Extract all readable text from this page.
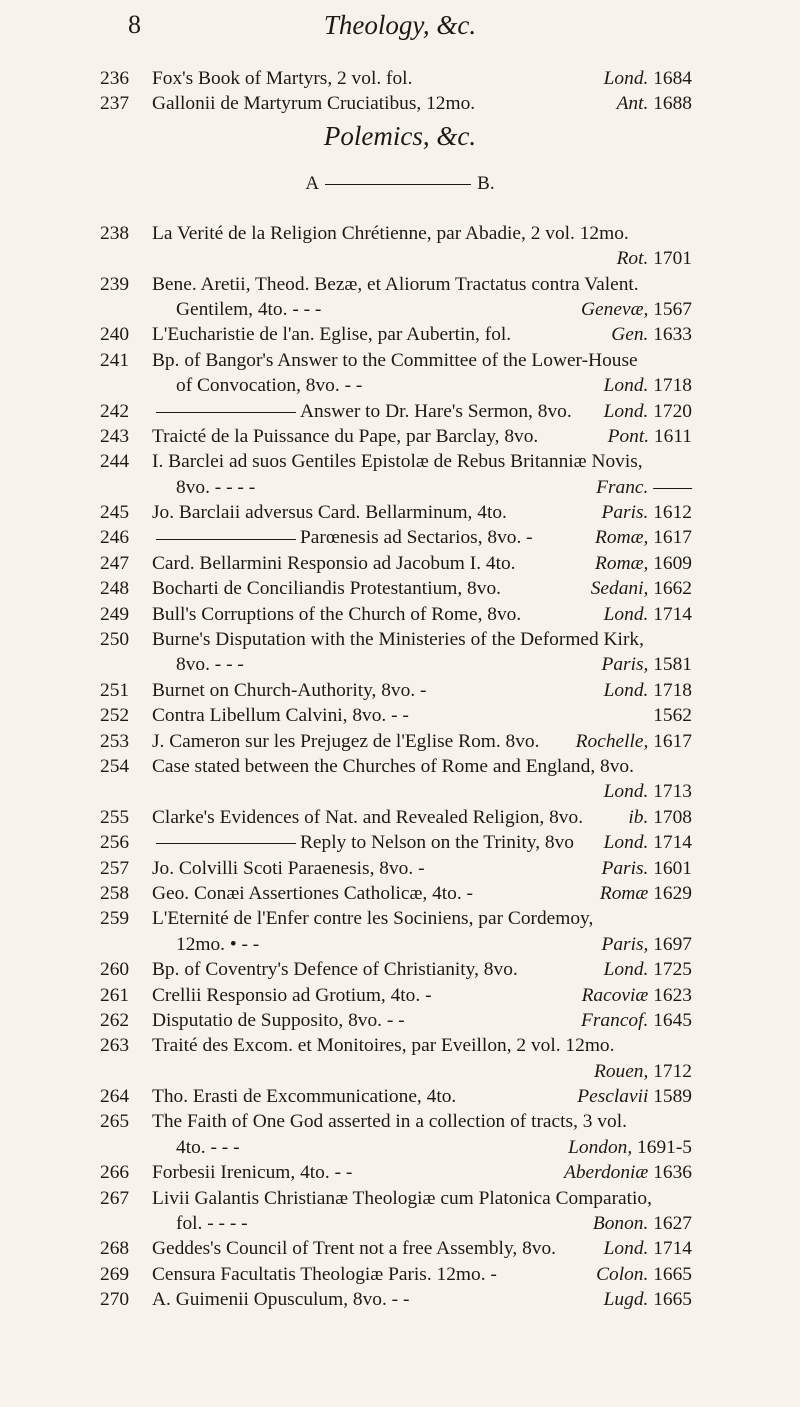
8	Theology, &c.
236	Fox's Book of Martyrs, 2 vol. fol.	Lond. 1684
237	Gallonii de Martyrum Cruciatibus, 12mo.	Ant. 1688
Polemics, &c.
A	B.
238	La Verité de la Religion Chrétienne, par Abadie, 2 vol. 12mo.
Rot. 1701
239	Bene. Aretii, Theod. Bezæ, et Aliorum Tractatus contra Valent.
Gentilem, 4to. - - -	Genevæ, 1567
240	L'Eucharistie de l'an. Eglise, par Aubertin, fol.	Gen. 1633
241	Bp. of Bangor's Answer to the Committee of the Lower-House
of Convocation, 8vo. - -	Lond. 1718
242	Answer to Dr. Hare's Sermon, 8vo. Lond. 1720
243	Traicté de la Puissance du Pape, par Barclay, 8vo.	Pont. 1611
244	I. Barclei ad suos Gentiles Epistolæ de Rebus Britanniæ Novis,
8vo. - - - -	Franc. ——
245	Jo. Barclaii adversus Card. Bellarminum, 4to.	Paris. 1612
246	Parœnesis ad Sectarios, 8vo. -	Romæ, 1617
247	Card. Bellarmini Responsio ad Jacobum I. 4to.	Romæ, 1609
248	Bocharti de Conciliandis Protestantium, 8vo.	Sedani, 1662
249	Bull's Corruptions of the Church of Rome, 8vo.	Lond. 1714
250	Burne's Disputation with the Ministeries of the Deformed Kirk,
8vo. - - -	Paris, 1581
251	Burnet on Church-Authority, 8vo. -	Lond. 1718
252	Contra Libellum Calvini, 8vo. - -	1562
253	J. Cameron sur les Prejugez de l'Eglise Rom. 8vo. Rochelle, 1617
254	Case stated between the Churches of Rome and England, 8vo.
Lond. 1713
255	Clarke's Evidences of Nat. and Revealed Religion, 8vo. ib. 1708
256	Reply to Nelson on the Trinity, 8vo Lond. 1714
257	Jo. Colvilli Scoti Paraenesis, 8vo. -	Paris. 1601
258	Geo. Conæi Assertiones Catholicæ, 4to. -	Romæ 1629
259	L'Eternité de l'Enfer contre les Sociniens, par Cordemoy,
12mo. • - -	Paris, 1697
260	Bp. of Coventry's Defence of Christianity, 8vo.	Lond. 1725
261	Crellii Responsio ad Grotium, 4to. -	Racoviæ 1623
262	Disputatio de Supposito, 8vo. - -	Francof. 1645
263	Traité des Excom. et Monitoires, par Eveillon, 2 vol. 12mo.
Rouen, 1712
264	Tho. Erasti de Excommunicatione, 4to.	Pesclavii 1589
265	The Faith of One God asserted in a collection of tracts, 3 vol.
4to. - - -	London, 1691-5
266	Forbesii Irenicum, 4to. - -	Aberdoniæ 1636
267	Livii Galantis Christianæ Theologiæ cum Platonica Comparatio,
fol. - - - -	Bonon. 1627
268	Geddes's Council of Trent not a free Assembly, 8vo. Lond. 1714
269	Censura Facultatis Theologiæ Paris. 12mo. -	Colon. 1665
270	A. Guimenii Opusculum, 8vo. - -	Lugd. 1665
